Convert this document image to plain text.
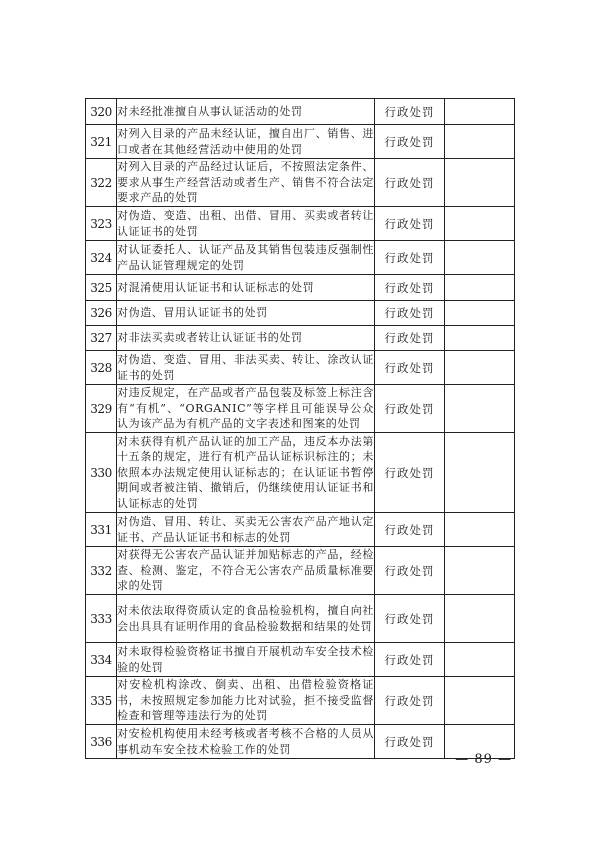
320	对未经批准擅自从事认证活动的处罚	行政处罚	
321	对列入目录的产品未经认证，擅自出厂、销售、进口或者在其他经营活动中使用的处罚	行政处罚	
322	对列入目录的产品经过认证后，不按照法定条件、要求从事生产经营活动或者生产、销售不符合法定要求产品的处罚	行政处罚	
323	对伪造、变造、出租、出借、冒用、买卖或者转让认证证书的处罚	行政处罚	
324	对认证委托人、认证产品及其销售包装违反强制性产品认证管理规定的处罚	行政处罚	
325	对混淆使用认证证书和认证标志的处罚	行政处罚	
326	对伪造、冒用认证证书的处罚	行政处罚	
327	对非法买卖或者转让认证证书的处罚	行政处罚	
328	对伪造、变造、冒用、非法买卖、转让、涂改认证证书的处罚	行政处罚	
329	对违反规定，在产品或者产品包装及标签上标注含有“有机”、“ORGANIC”等字样且可能误导公众认为该产品为有机产品的文字表述和图案的处罚	行政处罚	
330	对未获得有机产品认证的加工产品，违反本办法第十五条的规定，进行有机产品认证标识标注的；未依照本办法规定使用认证标志的；在认证证书暂停期间或者被注销、撤销后，仍继续使用认证证书和认证标志的处罚	行政处罚	
331	对伪造、冒用、转让、买卖无公害农产品产地认定证书、产品认证证书和标志的处罚	行政处罚	
332	对获得无公害农产品认证并加贴标志的产品，经检查、检测、鉴定，不符合无公害农产品质量标准要求的处罚	行政处罚	
333	对未依法取得资质认定的食品检验机构，擅自向社会出具具有证明作用的食品检验数据和结果的处罚	行政处罚	
334	对未取得检验资格证书擅自开展机动车安全技术检验的处罚	行政处罚	
335	对安检机构涂改、倒卖、出租、出借检验资格证书，未按照规定参加能力比对试验，拒不接受监督检查和管理等违法行为的处罚	行政处罚	
336	对安检机构使用未经考核或者考核不合格的人员从事机动车安全技术检验工作的处罚	行政处罚	
— 89 —
